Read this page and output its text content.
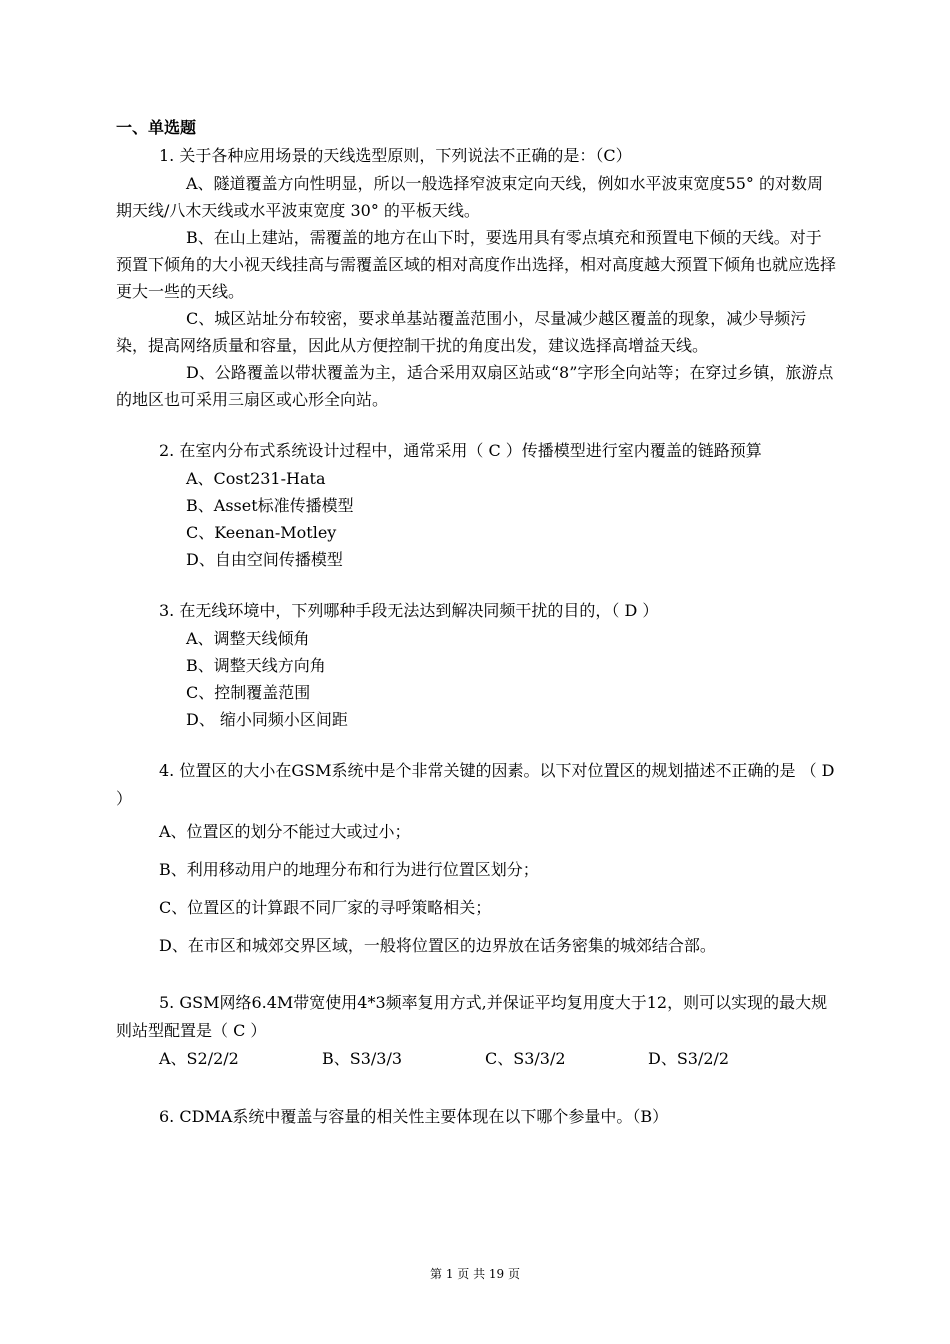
一、单选题

1. 关于各种应用场景的天线选型原则，下列说法不正确的是：（C）

A、隧道覆盖方向性明显，所以一般选择窄波束定向天线，例如水平波束宽度55° 的对数周期天线/八木天线或水平波束宽度 30° 的平板天线。

B、在山上建站，需覆盖的地方在山下时，要选用具有零点填充和预置电下倾的天线。对于预置下倾角的大小视天线挂高与需覆盖区域的相对高度作出选择，相对高度越大预置下倾角也就应选择更大一些的天线。

C、城区站址分布较密，要求单基站覆盖范围小，尽量减少越区覆盖的现象，减少导频污染，提高网络质量和容量，因此从方便控制干扰的角度出发，建议选择高增益天线。

D、公路覆盖以带状覆盖为主，适合采用双扇区站或“8”字形全向站等；在穿过乡镇，旅游点的地区也可采用三扇区或心形全向站。

2. 在室内分布式系统设计过程中，通常采用（ C ）传播模型进行室内覆盖的链路预算

A、Cost231-Hata

B、Asset标准传播模型

C、Keenan-Motley

D、自由空间传播模型

3. 在无线环境中，下列哪种手段无法达到解决同频干扰的目的，（ D ）

A、调整天线倾角

B、调整天线方向角

C、控制覆盖范围

D、 缩小同频小区间距

4. 位置区的大小在GSM系统中是个非常关键的因素。以下对位置区的规划描述不正确的是 （ D ）

A、位置区的划分不能过大或过小；

B、利用移动用户的地理分布和行为进行位置区划分；

C、位置区的计算跟不同厂家的寻呼策略相关；

D、在市区和城郊交界区域，一般将位置区的边界放在话务密集的城郊结合部。

5. GSM网络6.4M带宽使用4*3频率复用方式,并保证平均复用度大于12，则可以实现的最大规则站型配置是（ C ）

A、S2/2/2	B、S3/3/3	C、S3/3/2	D、S3/2/2

6. CDMA系统中覆盖与容量的相关性主要体现在以下哪个参量中。（B）

第 1 页 共 19 页
